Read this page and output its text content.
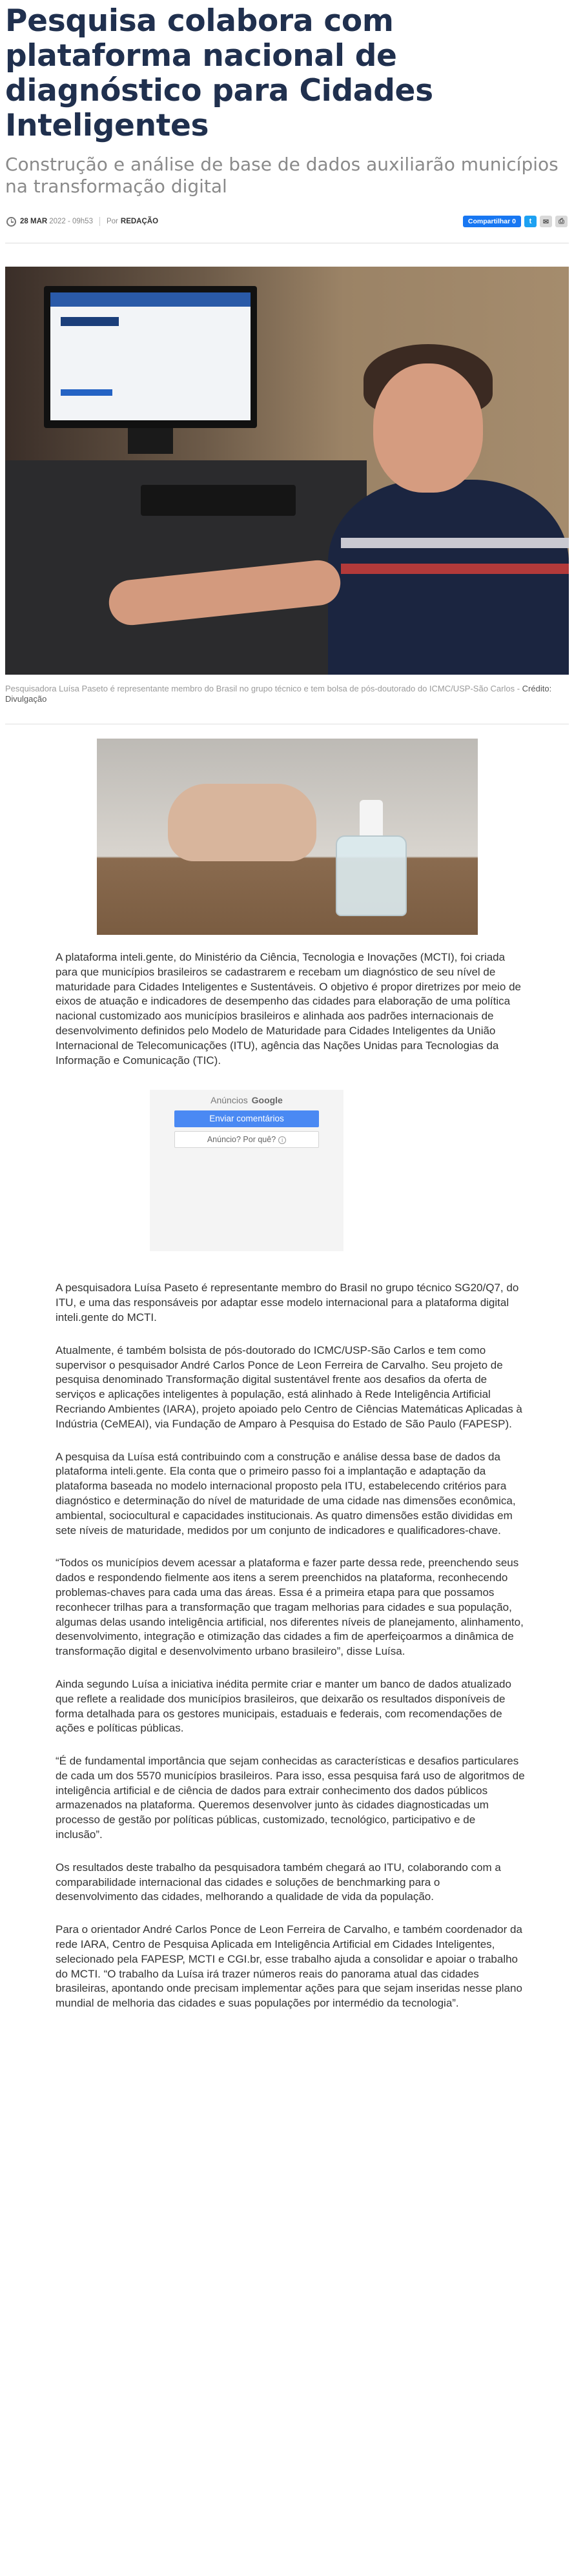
Pesquisa colabora com plataforma nacional de diagnóstico para Cidades Inteligentes
Construção e análise de base de dados auxiliarão municípios na transformação digital
28 MAR 2022 - 09h53 Por REDAÇÃO	Compartilhar 0	t	✉	⎙

Pesquisadora Luísa Paseto é representante membro do Brasil no grupo técnico e tem bolsa de pós-doutorado do ICMC/USP-São Carlos - Crédito: Divulgação

A plataforma inteli.gente, do Ministério da Ciência, Tecnologia e Inovações (MCTI), foi criada para que municípios brasileiros se cadastrarem e recebam um diagnóstico de seu nível de maturidade para Cidades Inteligentes e Sustentáveis. O objetivo é propor diretrizes por meio de eixos de atuação e indicadores de desempenho das cidades para elaboração de uma política nacional customizado aos municípios brasileiros e alinhada aos padrões internacionais de desenvolvimento definidos pelo Modelo de Maturidade para Cidades Inteligentes da União Internacional de Telecomunicações (ITU), agência das Nações Unidas para Tecnologias da Informação e Comunicação (TIC).

Anúncios Google
Enviar comentários
Anúncio? Por quê? i

A pesquisadora Luísa Paseto é representante membro do Brasil no grupo técnico SG20/Q7, do ITU, e uma das responsáveis por adaptar esse modelo internacional para a plataforma digital inteli.gente do MCTI.

Atualmente, é também bolsista de pós-doutorado do ICMC/USP-São Carlos e tem como supervisor o pesquisador André Carlos Ponce de Leon Ferreira de Carvalho. Seu projeto de pesquisa denominado Transformação digital sustentável frente aos desafios da oferta de serviços e aplicações inteligentes à população, está alinhado à Rede Inteligência Artificial Recriando Ambientes (IARA), projeto apoiado pelo Centro de Ciências Matemáticas Aplicadas à Indústria (CeMEAI), via Fundação de Amparo à Pesquisa do Estado de São Paulo (FAPESP).

A pesquisa da Luísa está contribuindo com a construção e análise dessa base de dados da plataforma inteli.gente. Ela conta que o primeiro passo foi a implantação e adaptação da plataforma baseada no modelo internacional proposto pela ITU, estabelecendo critérios para diagnóstico e determinação do nível de maturidade de uma cidade nas dimensões econômica, ambiental, sociocultural e capacidades institucionais. As quatro dimensões estão divididas em sete níveis de maturidade, medidos por um conjunto de indicadores e qualificadores-chave.

“Todos os municípios devem acessar a plataforma e fazer parte dessa rede, preenchendo seus dados e respondendo fielmente aos itens a serem preenchidos na plataforma, reconhecendo problemas-chaves para cada uma das áreas. Essa é a primeira etapa para que possamos reconhecer trilhas para a transformação que tragam melhorias para cidades e sua população, algumas delas usando inteligência artificial, nos diferentes níveis de planejamento, alinhamento, desenvolvimento, integração e otimização das cidades a fim de aperfeiçoarmos a dinâmica de transformação digital e desenvolvimento urbano brasileiro”, disse Luísa.

Ainda segundo Luísa a iniciativa inédita permite criar e manter um banco de dados atualizado que reflete a realidade dos municípios brasileiros, que deixarão os resultados disponíveis de forma detalhada para os gestores municipais, estaduais e federais, com recomendações de ações e políticas públicas.

“É de fundamental importância que sejam conhecidas as características e desafios particulares de cada um dos 5570 municípios brasileiros. Para isso, essa pesquisa fará uso de algoritmos de inteligência artificial e de ciência de dados para extrair conhecimento dos dados públicos armazenados na plataforma. Queremos desenvolver junto às cidades diagnosticadas um processo de gestão por políticas públicas, customizado, tecnológico, participativo e de inclusão”.

Os resultados deste trabalho da pesquisadora também chegará ao ITU, colaborando com a comparabilidade internacional das cidades e soluções de benchmarking para o desenvolvimento das cidades, melhorando a qualidade de vida da população.

Para o orientador André Carlos Ponce de Leon Ferreira de Carvalho, e também coordenador da rede IARA, Centro de Pesquisa Aplicada em Inteligência Artificial em Cidades Inteligentes, selecionado pela FAPESP, MCTI e CGI.br, esse trabalho ajuda a consolidar e apoiar o trabalho do MCTI. “O trabalho da Luísa irá trazer números reais do panorama atual das cidades brasileiras, apontando onde precisam implementar ações para que sejam inseridas nesse plano mundial de melhoria das cidades e suas populações por intermédio da tecnologia”.
